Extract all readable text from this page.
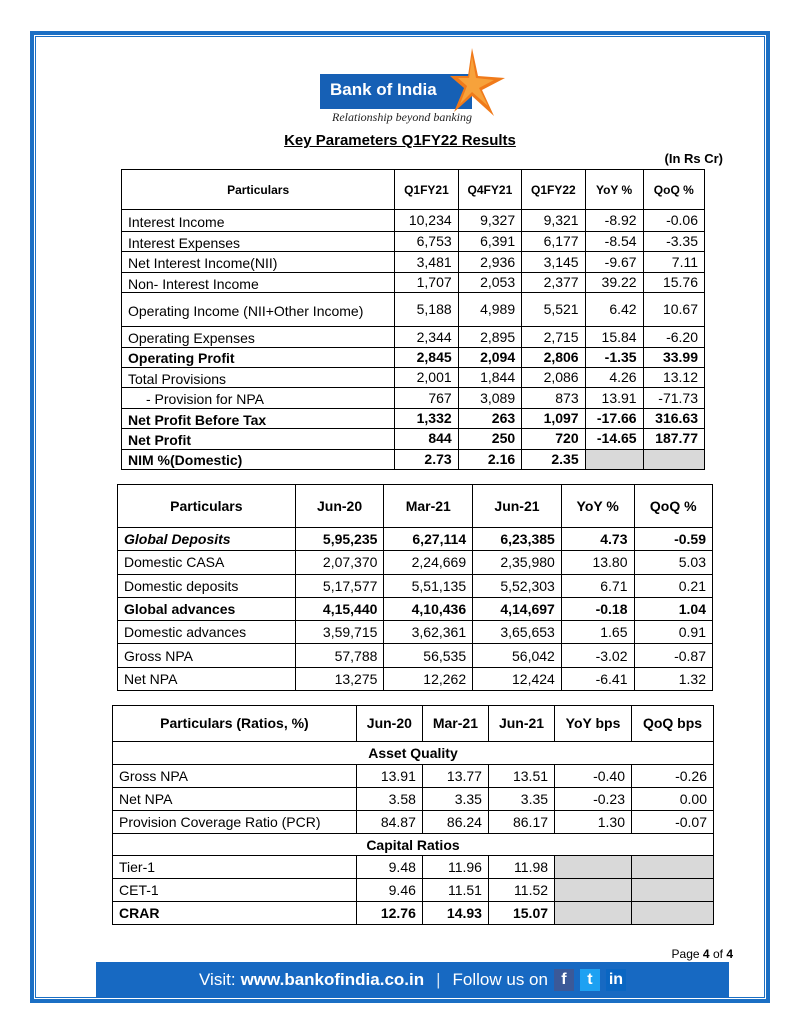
Bank of India
Relationship beyond banking
Key Parameters Q1FY22 Results
(In Rs Cr)
Particulars	Q1FY21	Q4FY21	Q1FY22	YoY %	QoQ %
Interest Income	10,234	9,327	9,321	-8.92	-0.06
Interest Expenses	6,753	6,391	6,177	-8.54	-3.35
Net Interest Income(NII)	3,481	2,936	3,145	-9.67	7.11
Non- Interest Income	1,707	2,053	2,377	39.22	15.76
Operating Income (NII+Other Income)	5,188	4,989	5,521	6.42	10.67
Operating Expenses	2,344	2,895	2,715	15.84	-6.20
Operating Profit	2,845	2,094	2,806	-1.35	33.99
Total Provisions	2,001	1,844	2,086	4.26	13.12
- Provision for NPA	767	3,089	873	13.91	-71.73
Net Profit Before Tax	1,332	263	1,097	-17.66	316.63
Net Profit	844	250	720	-14.65	187.77
NIM %(Domestic)	2.73	2.16	2.35		
Particulars	Jun-20	Mar-21	Jun-21	YoY %	QoQ %
Global Deposits	5,95,235	6,27,114	6,23,385	4.73	-0.59
Domestic CASA	2,07,370	2,24,669	2,35,980	13.80	5.03
Domestic deposits	5,17,577	5,51,135	5,52,303	6.71	0.21
Global advances	4,15,440	4,10,436	4,14,697	-0.18	1.04
Domestic advances	3,59,715	3,62,361	3,65,653	1.65	0.91
Gross NPA	57,788	56,535	56,042	-3.02	-0.87
Net NPA	13,275	12,262	12,424	-6.41	1.32
Particulars (Ratios, %)	Jun-20	Mar-21	Jun-21	YoY bps	QoQ bps
Asset Quality					
Gross NPA	13.91	13.77	13.51	-0.40	-0.26
Net NPA	3.58	3.35	3.35	-0.23	0.00
Provision Coverage Ratio (PCR)	84.87	86.24	86.17	1.30	-0.07
Capital Ratios					
Tier-1	9.48	11.96	11.98		
CET-1	9.46	11.51	11.52		
CRAR	12.76	14.93	15.07		
Page 4 of 4
Visit: www.bankofindia.co.in | Follow us on f	t	in
